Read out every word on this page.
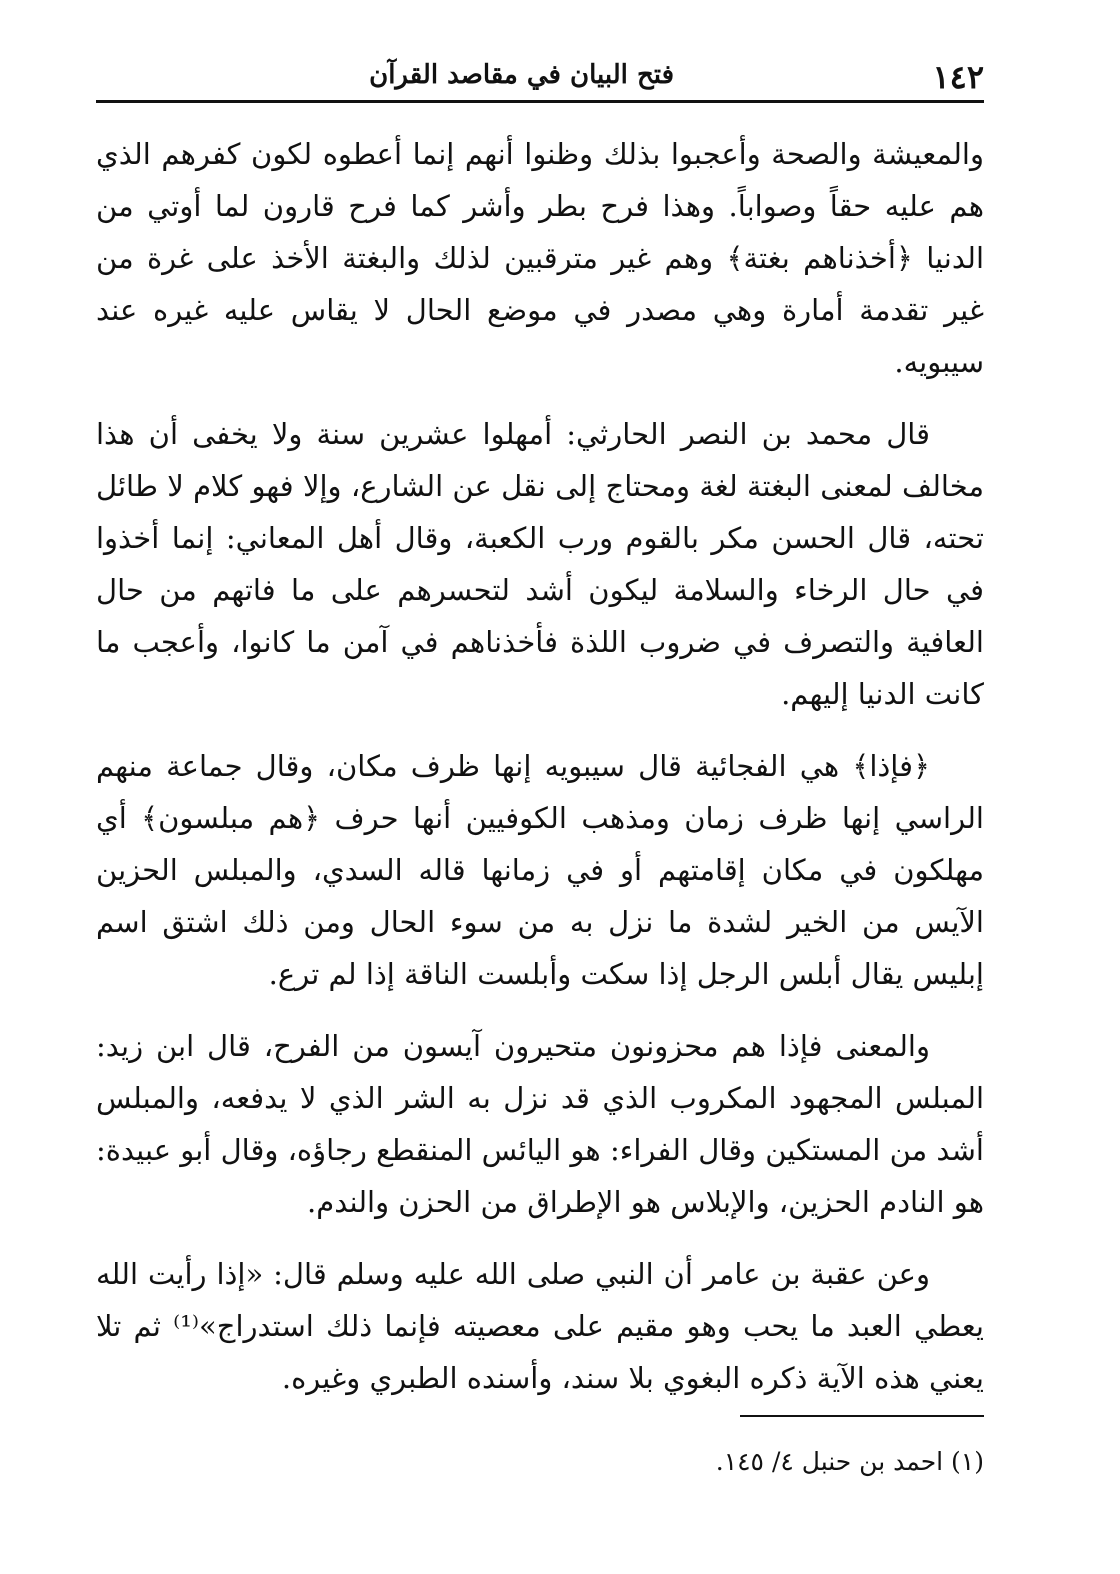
١٤٢
فتح البيان في مقاصد القرآن

والمعيشة والصحة وأعجبوا بذلك وظنوا أنهم إنما أعطوه لكون كفرهم الذي هم عليه حقاً وصواباً. وهذا فرح بطر وأشر كما فرح قارون لما أوتي من الدنيا ﴿أخذناهم بغتة﴾ وهم غير مترقبين لذلك والبغتة الأخذ على غرة من غير تقدمة أمارة وهي مصدر في موضع الحال لا يقاس عليه غيره عند سيبويه.

قال محمد بن النصر الحارثي: أمهلوا عشرين سنة ولا يخفى أن هذا مخالف لمعنى البغتة لغة ومحتاج إلى نقل عن الشارع، وإلا فهو كلام لا طائل تحته، قال الحسن مكر بالقوم ورب الكعبة، وقال أهل المعاني: إنما أخذوا في حال الرخاء والسلامة ليكون أشد لتحسرهم على ما فاتهم من حال العافية والتصرف في ضروب اللذة فأخذناهم في آمن ما كانوا، وأعجب ما كانت الدنيا إليهم.

﴿فإذا﴾ هي الفجائية قال سيبويه إنها ظرف مكان، وقال جماعة منهم الراسي إنها ظرف زمان ومذهب الكوفيين أنها حرف ﴿هم مبلسون﴾ أي مهلكون في مكان إقامتهم أو في زمانها قاله السدي، والمبلس الحزين الآيس من الخير لشدة ما نزل به من سوء الحال ومن ذلك اشتق اسم إبليس يقال أبلس الرجل إذا سكت وأبلست الناقة إذا لم ترع.

والمعنى فإذا هم محزونون متحيرون آيسون من الفرح، قال ابن زيد: المبلس المجهود المكروب الذي قد نزل به الشر الذي لا يدفعه، والمبلس أشد من المستكين وقال الفراء: هو اليائس المنقطع رجاؤه، وقال أبو عبيدة: هو النادم الحزين، والإبلاس هو الإطراق من الحزن والندم.

وعن عقبة بن عامر أن النبي صلى الله عليه وسلم قال: «إذا رأيت الله يعطي العبد ما يحب وهو مقيم على معصيته فإنما ذلك استدراج»⁽¹⁾ ثم تلا يعني هذه الآية ذكره البغوي بلا سند، وأسنده الطبري وغيره.

(١) احمد بن حنبل ٤/ ١٤٥.
